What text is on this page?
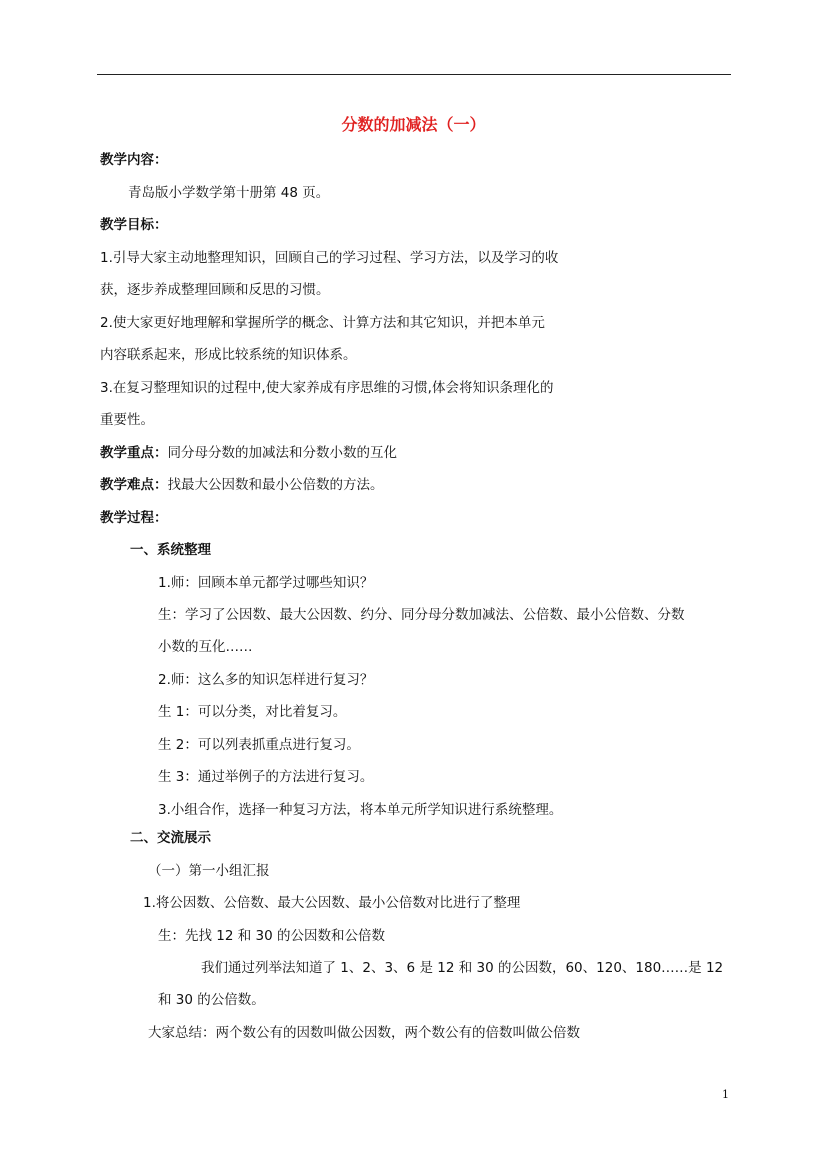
分数的加减法（一）
教学内容：
青岛版小学数学第十册第 48 页。
教学目标：
1.引导大家主动地整理知识，回顾自己的学习过程、学习方法，以及学习的收
获，逐步养成整理回顾和反思的习惯。
2.使大家更好地理解和掌握所学的概念、计算方法和其它知识，并把本单元
内容联系起来，形成比较系统的知识体系。
3.在复习整理知识的过程中,使大家养成有序思维的习惯,体会将知识条理化的
重要性。
教学重点：同分母分数的加减法和分数小数的互化
教学难点：找最大公因数和最小公倍数的方法。
教学过程：
一、系统整理
1.师：回顾本单元都学过哪些知识？
生：学习了公因数、最大公因数、约分、同分母分数加减法、公倍数、最小公倍数、分数
小数的互化……
2.师：这么多的知识怎样进行复习？
生 1：可以分类，对比着复习。
生 2：可以列表抓重点进行复习。
生 3：通过举例子的方法进行复习。
3.小组合作，选择一种复习方法，将本单元所学知识进行系统整理。
二、交流展示
（一）第一小组汇报
1.将公因数、公倍数、最大公因数、最小公倍数对比进行了整理
生：先找 12 和 30 的公因数和公倍数
我们通过列举法知道了 1、2、3、6 是 12 和 30 的公因数，60、120、180……是 12
和 30 的公倍数。
大家总结：两个数公有的因数叫做公因数，两个数公有的倍数叫做公倍数
1
